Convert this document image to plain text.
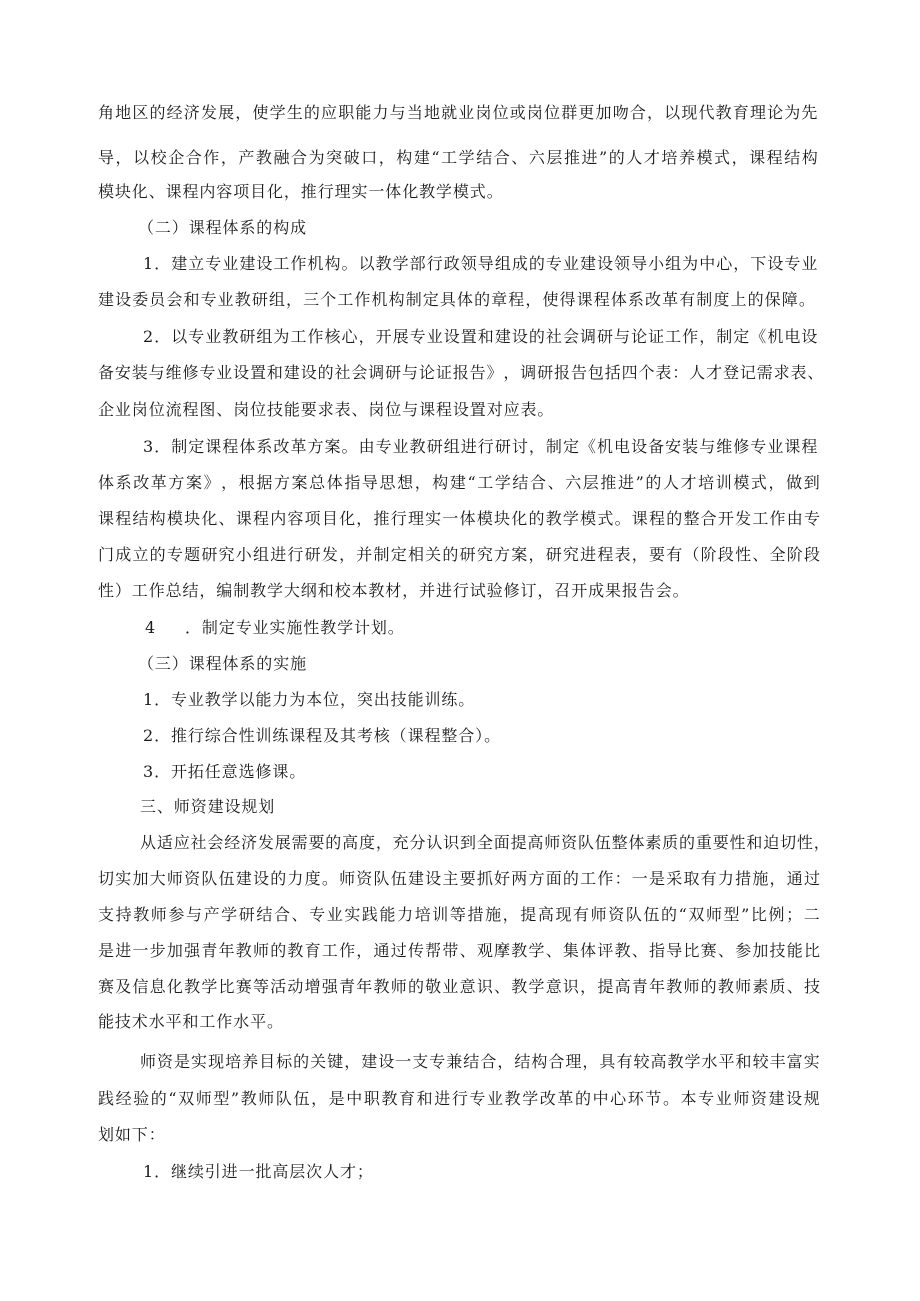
角 地 区 的 经 济 发 展 ， 使 学 生 的 应 职 能 力 与 当 地 就 业 岗 位 或 岗 位 群 更 加 吻 合 ， 以 现 代 教 育 理 论 为 先
导 ， 以 校 企 合 作 ， 产 教 融 合 为 突 破 口 ， 构 建 “ 工 学 结 合 、 六 层 推 进 ” 的 人 才 培 养 模 式 ， 课 程 结 构
模块化、课程内容项目化，推行理实一体化教学模式。
（二）课程体系的构成
1 ． 建 立 专 业 建 设 工 作 机 构 。 以 教 学 部 行 政 领 导 组 成 的 专 业 建 设 领 导 小 组 为 中 心 ， 下 设 专 业
建 设 委 员 会 和 专 业 教 研 组 ， 三 个 工 作 机 构 制 定 具 体 的 章 程 ， 使 得 课 程 体 系 改 革 有 制 度 上 的 保 障 。
2 ． 以 专 业 教 研 组 为 工 作 核 心 ， 开 展 专 业 设 置 和 建 设 的 社 会 调 研 与 论 证 工 作 ， 制 定 《 机 电 设
备 安 装 与 维 修 专 业 设 置 和 建 设 的 社 会 调 研 与 论 证 报 告 》 ， 调 研 报 告 包 括 四 个 表 ： 人 才 登 记 需 求 表 、
企业岗位流程图、岗位技能要求表、岗位与课程设置对应表。
3 ． 制 定 课 程 体 系 改 革 方 案 。 由 专 业 教 研 组 进 行 研 讨 ， 制 定 《 机 电 设 备 安 装 与 维 修 专 业 课 程
体 系 改 革 方 案 》 ， 根 据 方 案 总 体 指 导 思 想 ， 构 建 “ 工 学 结 合 、 六 层 推 进 ” 的 人 才 培 训 模 式 ， 做 到
课 程 结 构 模 块 化 、 课 程 内 容 项 目 化 ， 推 行 理 实 一 体 模 块 化 的 教 学 模 式 。 课 程 的 整 合 开 发 工 作 由 专
门 成 立 的 专 题 研 究 小 组 进 行 研 发 ， 并 制 定 相 关 的 研 究 方 案 ， 研 究 进 程 表 ， 要 有 （ 阶 段 性 、 全 阶 段
性）工作总结，编制教学大纲和校本教材，并进行试验修订，召开成果报告会。
4 ．制定专业实施性教学计划。
（三）课程体系的实施
1．专业教学以能力为本位，突出技能训练。
2．推行综合性训练课程及其考核（课程整合）。
3．开拓任意选修课。
三、师资建设规划
从 适 应 社 会 经 济 发 展 需 要 的 高 度 ， 充 分 认 识 到 全 面 提 高 师 资 队 伍 整 体 素 质 的 重 要 性 和 迫 切 性 ，
切 实 加 大 师 资 队 伍 建 设 的 力 度 。 师 资 队 伍 建 设 主 要 抓 好 两 方 面 的 工 作 ： 一 是 采 取 有 力 措 施 ， 通 过
支 持 教 师 参 与 产 学 研 结 合 、 专 业 实 践 能 力 培 训 等 措 施 ， 提 高 现 有 师 资 队 伍 的 “ 双 师 型 ” 比 例 ； 二
是 进 一 步 加 强 青 年 教 师 的 教 育 工 作 ， 通 过 传 帮 带 、 观 摩 教 学 、 集 体 评 教 、 指 导 比 赛 、 参 加 技 能 比
赛 及 信 息 化 教 学 比 赛 等 活 动 增 强 青 年 教 师 的 敬 业 意 识 、 教 学 意 识 ， 提 高 青 年 教 师 的 教 师 素 质 、 技
能技术水平和工作水平。
师 资 是 实 现 培 养 目 标 的 关 键 ， 建 设 一 支 专 兼 结 合 ， 结 构 合 理 ， 具 有 较 高 教 学 水 平 和 较 丰 富 实
践 经 验 的 “ 双 师 型 ” 教 师 队 伍 ， 是 中 职 教 育 和 进 行 专 业 教 学 改 革 的 中 心 环 节 。 本 专 业 师 资 建 设 规
划如下：
1．继续引进一批高层次人才；
